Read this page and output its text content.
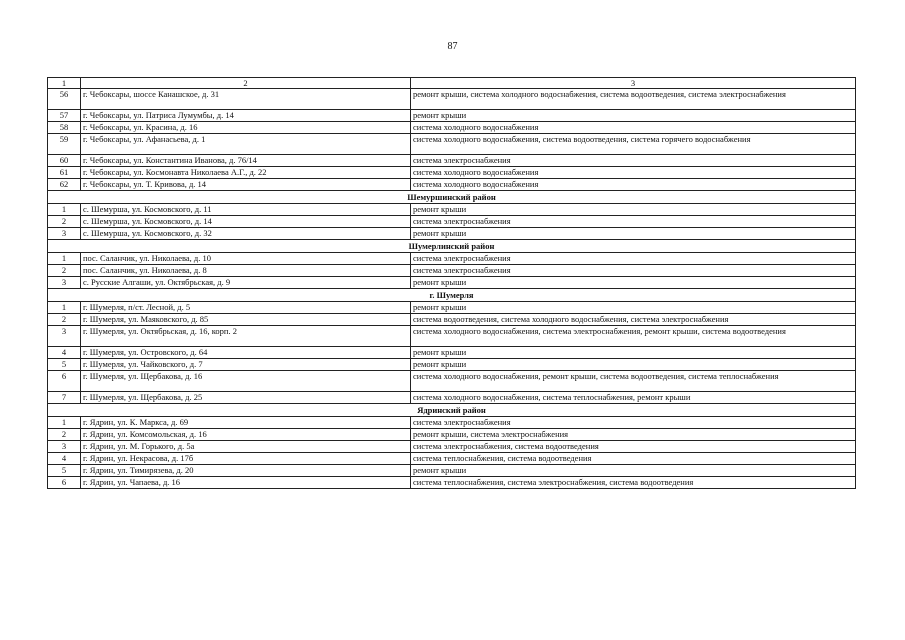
87
1	2	3
56	г. Чебоксары, шоссе Канашское, д. 31	ремонт крыши, система холодного водоснабжения, система водоотведения, система электроснабжения
57	г. Чебоксары, ул. Патриса Лумумбы, д. 14	ремонт крыши
58	г. Чебоксары, ул. Красина, д. 16	система холодного водоснабжения
59	г. Чебоксары, ул. Афанасьева, д. 1	система холодного водоснабжения, система водоотведения, система горячего водоснабжения
60	г. Чебоксары, ул. Константина Иванова, д. 76/14	система электроснабжения
61	г. Чебоксары, ул. Космонавта Николаева А.Г., д. 22	система холодного водоснабжения
62	г. Чебоксары, ул. Т. Кривова, д. 14	система холодного водоснабжения
Шемуршинский район		
1	с. Шемурша, ул. Космовского, д. 11	ремонт крыши
2	с. Шемурша, ул. Космовского, д. 14	система электроснабжения
3	с. Шемурша, ул. Космовского, д. 32	ремонт крыши
Шумерлинский район		
1	пос. Саланчик, ул. Николаева, д. 10	система электроснабжения
2	пос. Саланчик, ул. Николаева, д. 8	система электроснабжения
3	с. Русские Алгаши, ул. Октябрьская, д. 9	ремонт крыши
г. Шумерля		
1	г. Шумерля, п/ст. Лесной, д. 5	ремонт крыши
2	г. Шумерля, ул. Маяковского, д. 85	система водоотведения, система холодного водоснабжения, система электроснабжения
3	г. Шумерля, ул. Октябрьская, д. 16, корп. 2	система холодного водоснабжения, система электроснабжения, ремонт крыши, система водоотведения
4	г. Шумерля, ул. Островского, д. 64	ремонт крыши
5	г. Шумерля, ул. Чайковского, д. 7	ремонт крыши
6	г. Шумерля, ул. Щербакова, д. 16	система холодного водоснабжения, ремонт крыши, система водоотведения, система теплоснабжения
7	г. Шумерля, ул. Щербакова, д. 25	система холодного водоснабжения, система теплоснабжения, ремонт крыши
Ядринский район		
1	г. Ядрин, ул. К. Маркса, д. 69	система электроснабжения
2	г. Ядрин, ул. Комсомольская, д. 16	ремонт крыши, система электроснабжения
3	г. Ядрин, ул. М. Горького, д. 5а	система электроснабжения, система водоотведения
4	г. Ядрин, ул. Некрасова, д. 17б	система теплоснабжения, система водоотведения
5	г. Ядрин, ул. Тимирязева, д. 20	ремонт крыши
6	г. Ядрин, ул. Чапаева, д. 16	система теплоснабжения, система электроснабжения, система водоотведения
